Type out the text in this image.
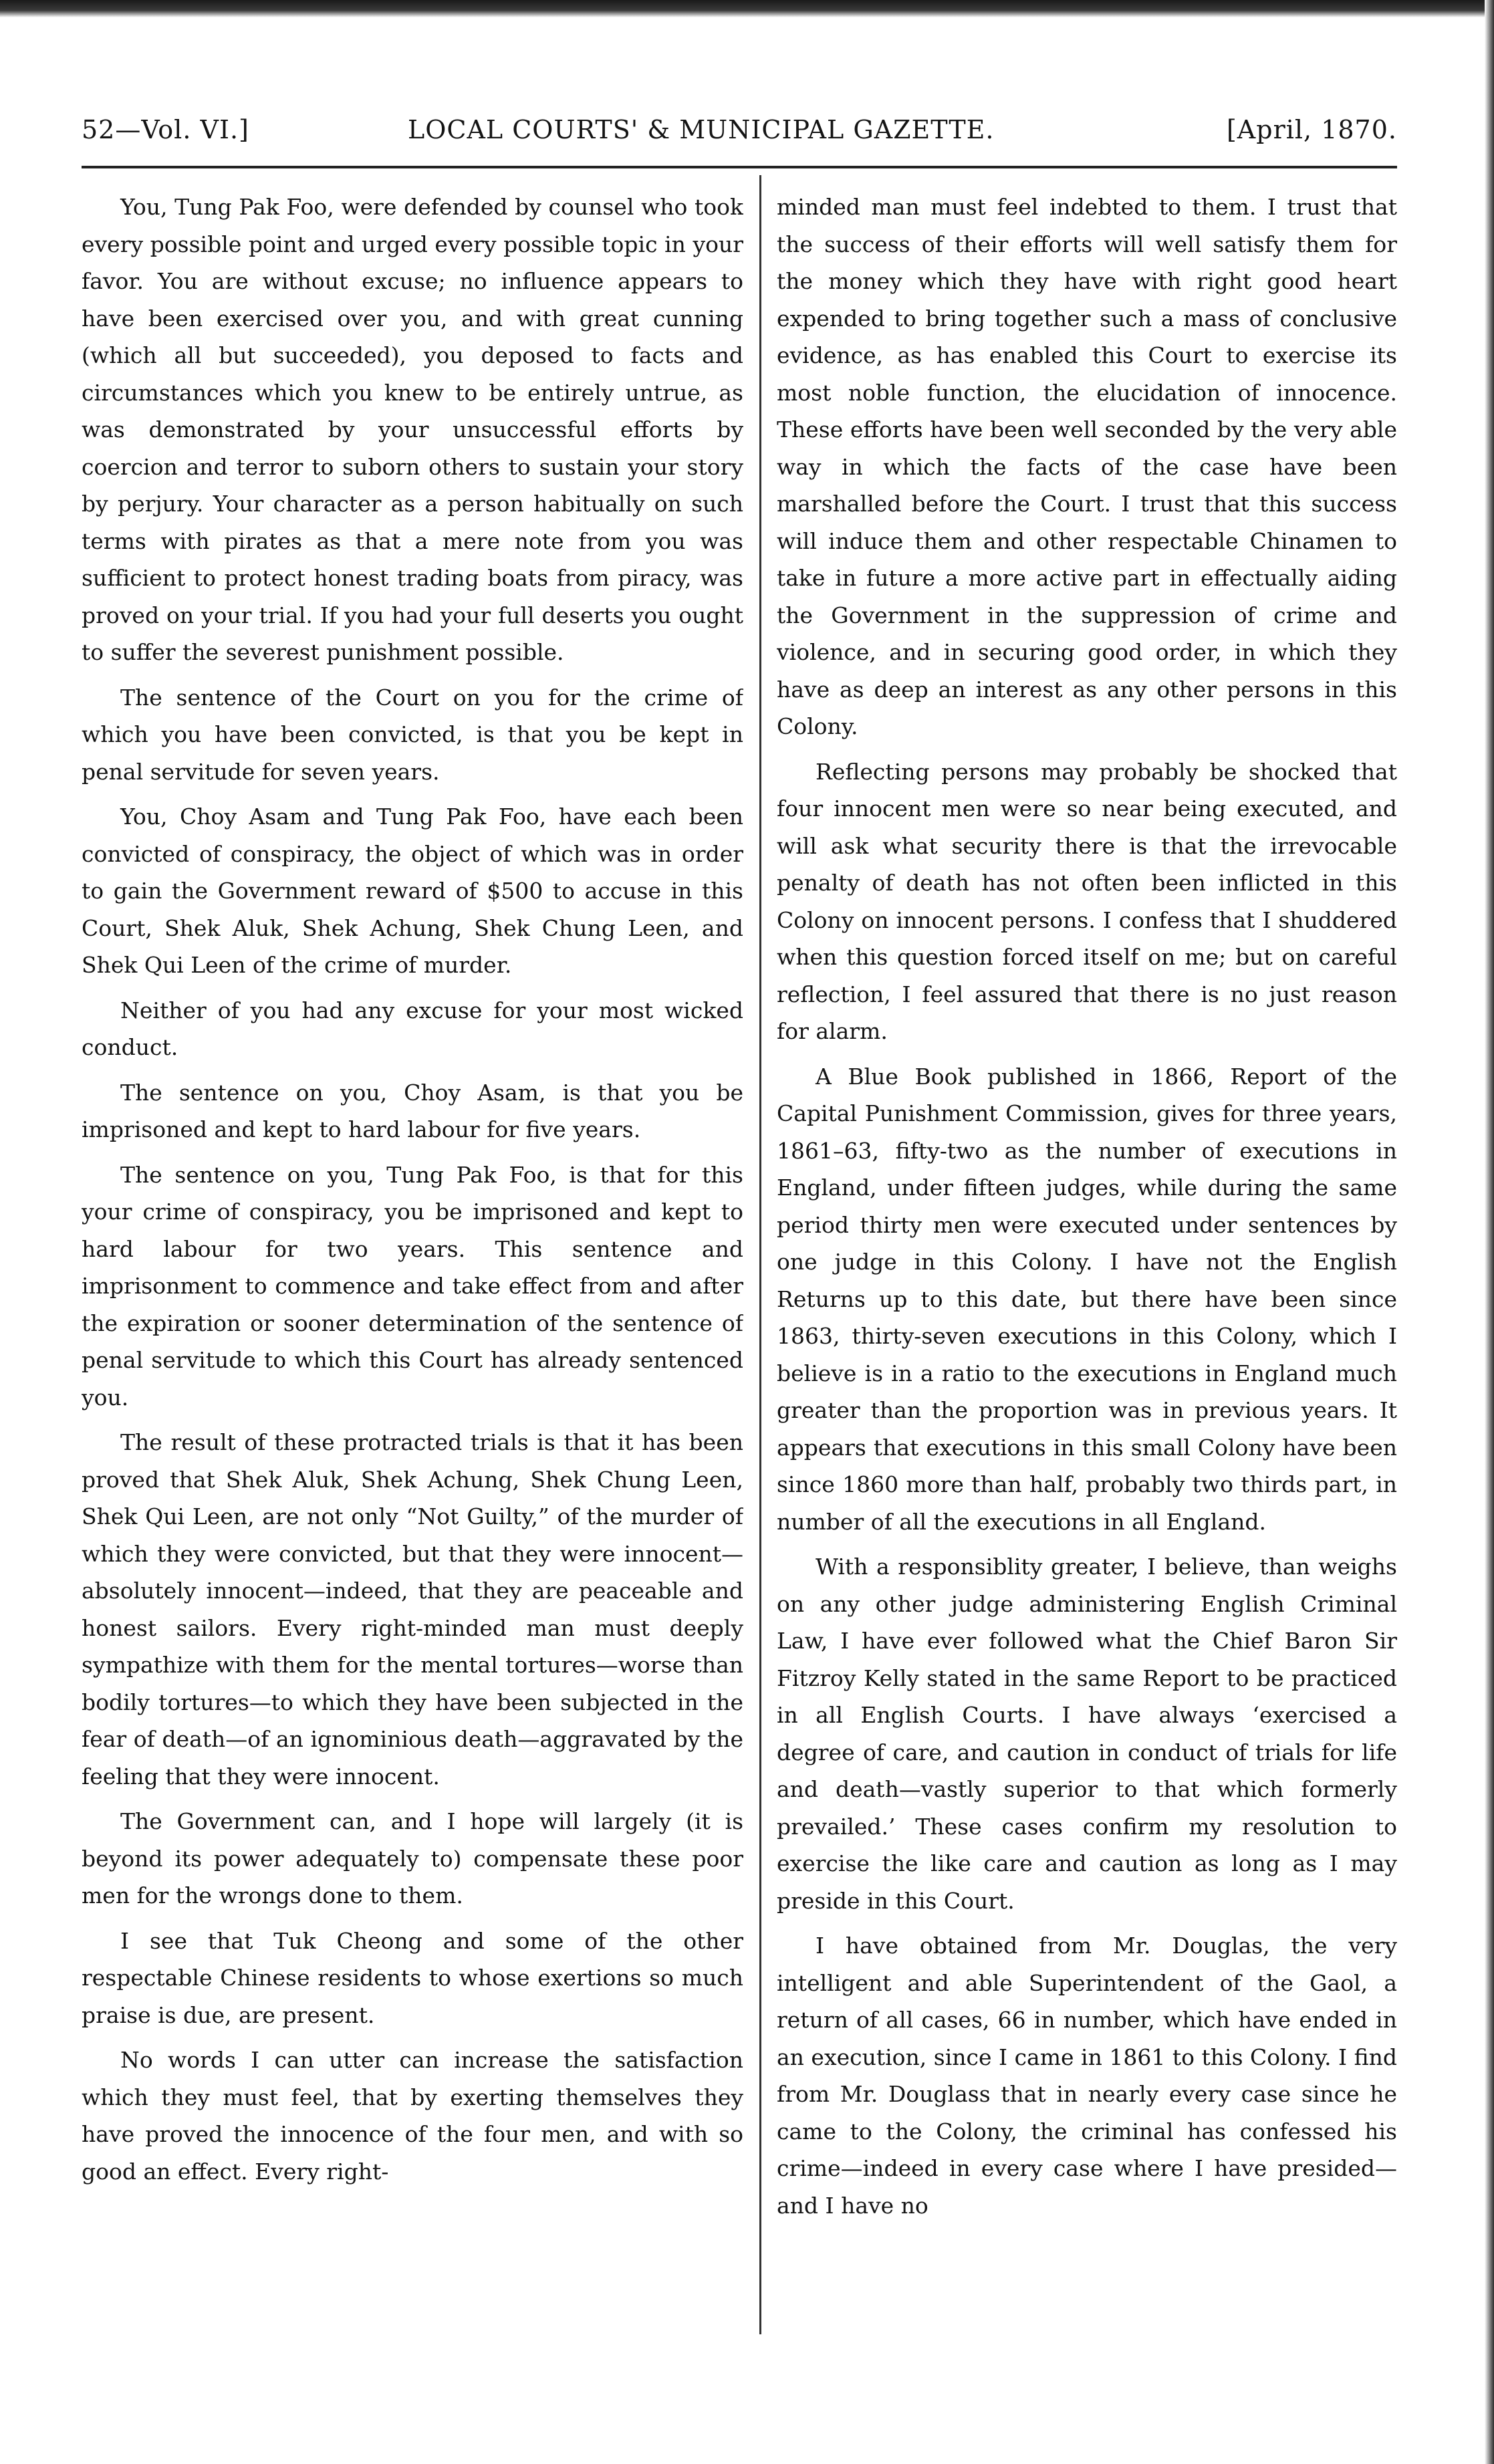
52—Vol. VI.]	LOCAL COURTS' & MUNICIPAL GAZETTE.	[April, 1870.

You, Tung Pak Foo, were defended by counsel who took every possible point and urged every possible topic in your favor. You are without excuse; no influence appears to have been exercised over you, and with great cunning (which all but succeeded), you deposed to facts and circumstances which you knew to be entirely untrue, as was demonstrated by your unsuccessful efforts by coercion and terror to suborn others to sustain your story by perjury. Your character as a person habitually on such terms with pirates as that a mere note from you was sufficient to protect honest trading boats from piracy, was proved on your trial. If you had your full deserts you ought to suffer the severest punishment possible.

The sentence of the Court on you for the crime of which you have been convicted, is that you be kept in penal servitude for seven years.

You, Choy Asam and Tung Pak Foo, have each been convicted of conspiracy, the object of which was in order to gain the Government reward of $500 to accuse in this Court, Shek Aluk, Shek Achung, Shek Chung Leen, and Shek Qui Leen of the crime of murder.

Neither of you had any excuse for your most wicked conduct.

The sentence on you, Choy Asam, is that you be imprisoned and kept to hard labour for five years.

The sentence on you, Tung Pak Foo, is that for this your crime of conspiracy, you be imprisoned and kept to hard labour for two years. This sentence and imprisonment to commence and take effect from and after the expiration or sooner determination of the sentence of penal servitude to which this Court has already sentenced you.

The result of these protracted trials is that it has been proved that Shek Aluk, Shek Achung, Shek Chung Leen, Shek Qui Leen, are not only “Not Guilty,” of the murder of which they were convicted, but that they were innocent—absolutely innocent—indeed, that they are peaceable and honest sailors. Every right-minded man must deeply sympathize with them for the mental tortures—worse than bodily tortures—to which they have been subjected in the fear of death—of an ignominious death—aggravated by the feeling that they were innocent.

The Government can, and I hope will largely (it is beyond its power adequately to) compensate these poor men for the wrongs done to them.

I see that Tuk Cheong and some of the other respectable Chinese residents to whose exertions so much praise is due, are present.

No words I can utter can increase the satisfaction which they must feel, that by exerting themselves they have proved the innocence of the four men, and with so good an effect. Every right-

minded man must feel indebted to them. I trust that the success of their efforts will well satisfy them for the money which they have with right good heart expended to bring together such a mass of conclusive evidence, as has enabled this Court to exercise its most noble function, the elucidation of innocence. These efforts have been well seconded by the very able way in which the facts of the case have been marshalled before the Court. I trust that this success will induce them and other respectable Chinamen to take in future a more active part in effectually aiding the Government in the suppression of crime and violence, and in securing good order, in which they have as deep an interest as any other persons in this Colony.

Reflecting persons may probably be shocked that four innocent men were so near being executed, and will ask what security there is that the irrevocable penalty of death has not often been inflicted in this Colony on innocent persons. I confess that I shuddered when this question forced itself on me; but on careful reflection, I feel assured that there is no just reason for alarm.

A Blue Book published in 1866, Report of the Capital Punishment Commission, gives for three years, 1861–63, fifty-two as the number of executions in England, under fifteen judges, while during the same period thirty men were executed under sentences by one judge in this Colony. I have not the English Returns up to this date, but there have been since 1863, thirty-seven executions in this Colony, which I believe is in a ratio to the executions in England much greater than the proportion was in previous years. It appears that executions in this small Colony have been since 1860 more than half, probably two thirds part, in number of all the executions in all England.

With a responsiblity greater, I believe, than weighs on any other judge administering English Criminal Law, I have ever followed what the Chief Baron Sir Fitzroy Kelly stated in the same Report to be practiced in all English Courts. I have always ‘exercised a degree of care, and caution in conduct of trials for life and death—vastly superior to that which formerly prevailed.’ These cases confirm my resolution to exercise the like care and caution as long as I may preside in this Court.

I have obtained from Mr. Douglas, the very intelligent and able Superintendent of the Gaol, a return of all cases, 66 in number, which have ended in an execution, since I came in 1861 to this Colony. I find from Mr. Douglass that in nearly every case since he came to the Colony, the criminal has confessed his crime—indeed in every case where I have presided—and I have no
